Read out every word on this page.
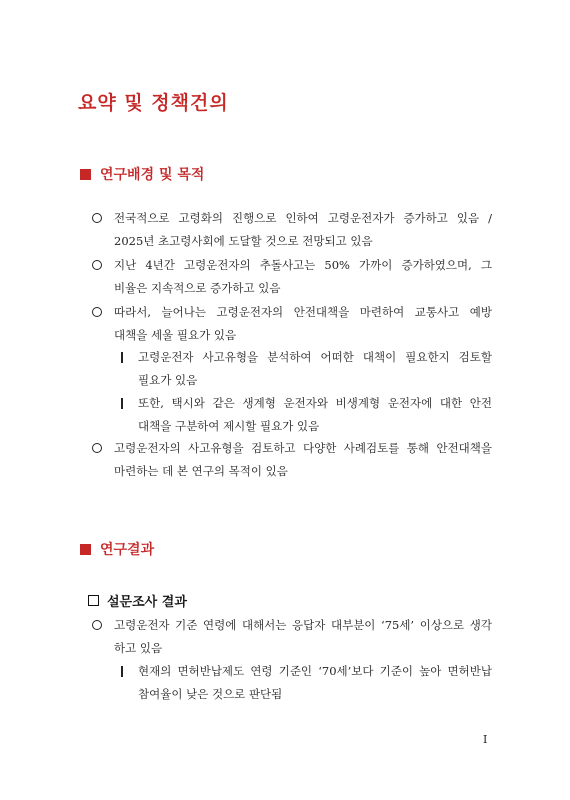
요약 및 정책건의
연구배경 및 목적
전국적으로 고령화의 진행으로 인하여 고령운전자가 증가하고 있음 /

2025년 초고령사회에 도달할 것으로 전망되고 있음
지난 4년간 고령운전자의 추돌사고는 50% 가까이 증가하였으며, 그

비율은 지속적으로 증가하고 있음
따라서, 늘어나는 고령운전자의 안전대책을 마련하여 교통사고 예방

대책을 세울 필요가 있음
고령운전자 사고유형을 분석하여 어떠한 대책이 필요한지 검토할

필요가 있음
또한, 택시와 같은 생계형 운전자와 비생계형 운전자에 대한 안전

대책을 구분하여 제시할 필요가 있음
고령운전자의 사고유형을 검토하고 다양한 사례검토를 통해 안전대책을

마련하는 데 본 연구의 목적이 있음
연구결과
설문조사 결과
고령운전자 기준 연령에 대해서는 응답자 대부분이 ‘75세’ 이상으로 생각

하고 있음
현재의 면허반납제도 연령 기준인 ‘70세’보다 기준이 높아 면허반납

참여율이 낮은 것으로 판단됨
I
